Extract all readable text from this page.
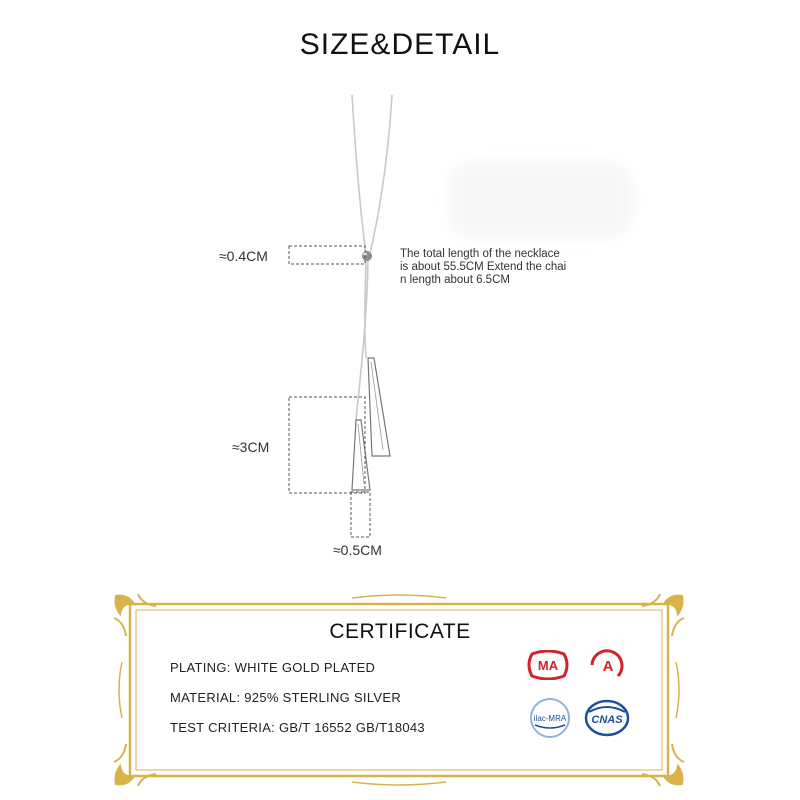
SIZE&DETAIL
≈0.4CM
≈3CM
≈0.5CM
The total length of the necklace
is about 55.5CM Extend the chai
n length about 6.5CM
CERTIFICATE
PLATING: WHITE GOLD PLATED
MATERIAL: 925% STERLING SILVER
TEST CRITERIA: GB/T 16552 GB/T18043
MA	A
ilac-MRA CNAS
